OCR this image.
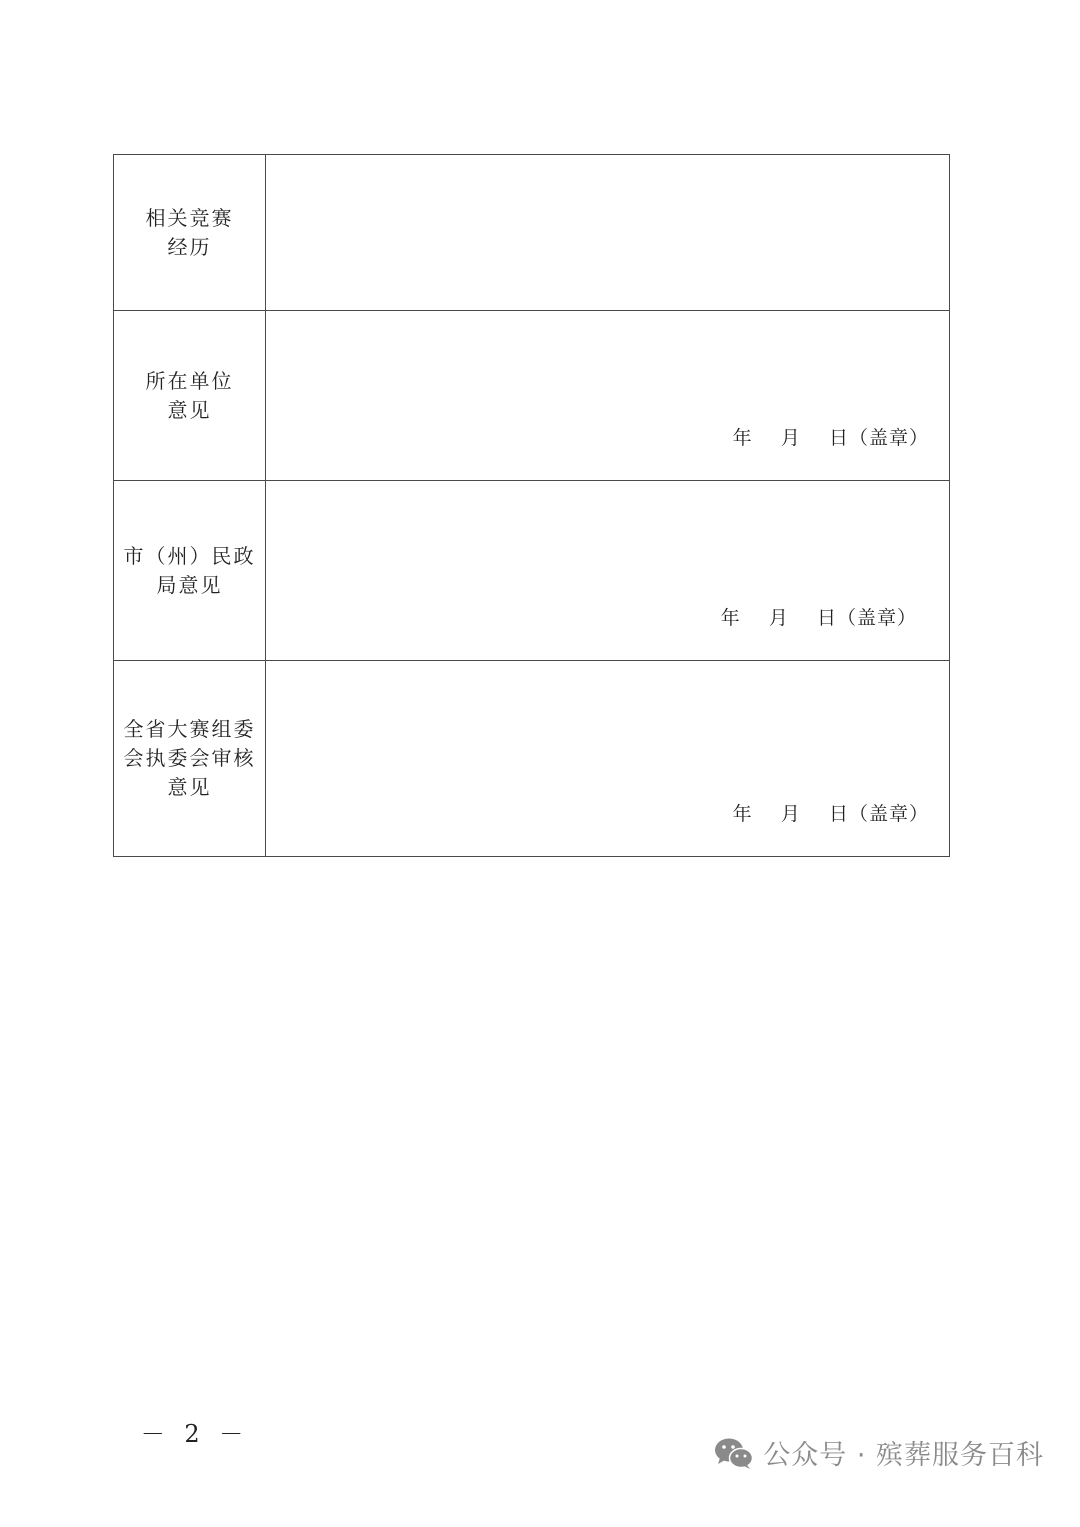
相关竞赛
经历	

所在单位
意见	年    月    日（盖章）

市（州）民政
局意见	年    月    日（盖章）

全省大赛组委
会执委会审核
意见	年    月    日（盖章）
－ 2 －
公众号 · 殡葬服务百科
